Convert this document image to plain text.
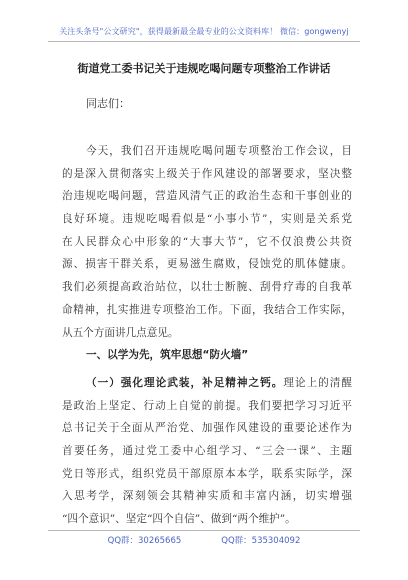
关注头条号"公文研究"，获得最新最全最专业的公文资料库！ 微信：gongwenyj
街道党工委书记关于违规吃喝问题专项整治工作讲话
同志们：
今天，我们召开违规吃喝问题专项整治工作会议，目
的是深入贯彻落实上级关于作风建设的部署要求，坚决整
治违规吃喝问题，营造风清气正的政治生态和干事创业的
良好环境。违规吃喝看似是“小事小节”，实则是关系党
在人民群众心中形象的“大事大节”，它不仅浪费公共资
源、损害干群关系，更易滋生腐败，侵蚀党的肌体健康。
我们必须提高政治站位，以壮士断腕、刮骨疗毒的自我革
命精神，扎实推进专项整治工作。下面，我结合工作实际，
从五个方面讲几点意见。
一、以学为先，筑牢思想“防火墙”
（一）强化理论武装，补足精神之钙。理论上的清醒
是政治上坚定、行动上自觉的前提。我们要把学习习近平
总书记关于全面从严治党、加强作风建设的重要论述作为
首要任务，通过党工委中心组学习、“三会一课”、主题
党日等形式，组织党员干部原原本本学，联系实际学，深
入思考学，深刻领会其精神实质和丰富内涵，切实增强
“四个意识”、坚定“四个自信”、做到“两个维护”。
QQ群：30265665	QQ群：535304092
